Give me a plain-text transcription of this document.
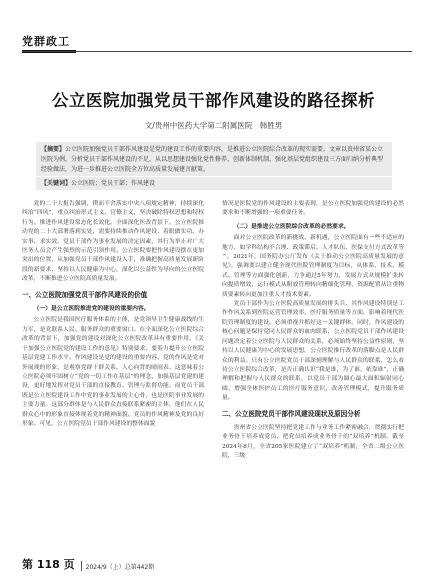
党群政工
公立医院加强党员干部作风建设的路径探析
文/贵州中医药大学第二附属医院　韩胜男
【摘要】公立医院加强党员干部作风建设是党的建设工作的重要内容，是推进公立医院综合改革的现实需要。文章以贵州省某公立医院为例，分析党员干部作风建设的不足，从以思想建设强化党性修养、创新体制机制、强化基层党组织建设三方面归纳分析典型经验做法，为进一步推进公立医院全方位高质量发展建言献策。
【关键词】公立医院；党员干部；作风建设

党的二十大报告强调，锲而不舍落实中央八项规定精神，持续深化纠治“四风”，重点纠治形式主义、官僚主义，坚决破除特权思想和特权行为。推进作风建设常态化长效化。全面深化医改背景下，公立医院推动党的二十大部署落到实处，需要持续推动作风建设，着眼做实功、办实事、求实效。党员干部作为事业发展的决定因素，其行为举止对广大医务人员会产生强烈的示范引领作用。公立医院要把作风建设摆在更加突出的位置，从加强党员干部作风建设入手，准确把握高质量发展新阶段的新要求，坚持以人民健康为中心，深化以公益性为导向的公立医院改革，不断推进公立医院高质量发展。

一、公立医院加强党员干部作风建设的价值

（一）是公立医院推进党的建设的重要内容。

公立医院是我国医疗服务体系的主体，是党领导卫生健康战线的生力军，是党联系人民、服务群众的重要窗口。在全面深化公立医院综合改革的背景下，加强党的建设对深化公立医院改革具有重要作用。《关于加强公立医院党的建设工作的意见》特别要求，要着力提升公立医院基层党建工作水平。作风建设是党的建设的重要内容，党的作风是党对外展现的形象，是观察党群干群关系、人心向背的晴雨表。这意味着公立医院必须牢固树立“党的一切工作在基层”的理念，加强基层党建的建设，更好地发挥对党员干部的直接教育、管理与监督功能。而党员干部既是公立医院建设工作中党的事业发展的主心骨，也是医院事业发展的主要力量。这部分群体是与人民群众直接联系紧密的主体，他们在人民群众心中的形象直接体现着党的精神面貌、党员的作风精神及党的良好形象。可见，公立医院党员干部作风建设的整体面貌

情况是医院党的作风建设的主要表现，是公立医院加强党的建设的必然要求和不断增强的一项重要任务。

（二）是推进公立医院综合改革的必然要求。

面对公立医院改革的新挑战、新机遇，公立医院面有一些不适应的地方，如学科结构不合理、政策滞后、人才队伍、医保支付方式改革等^。2021年，国务院办公厅发布《关于推动公立医院高质量发展的意见》，强调要以建立健全现代医院管理制度为目标，从体系、技术、模式、管理等方面强化创新，力争通过5年努力，发展方式从规模扩张转向提质增效，运行模式从粗放管理转向精细化管理，资源配置从注重物质要素转向更加注重人才技术要素。

党员干部作为公立医院高质量发展的排头兵，其作风建设特别是工作作风关系到医院运营管理效率、医疗服务质量等方面，影响着现代医院管理制度的建设。必须重视并抓好这一关键群体。同时，作风建设的核心问题是保持党同人民群众的血肉联系，公立医院党员干部作风建设问题决定着公立医院与人民群众的关系，必须始终坚持公益性原则，坚持以人民健康为中心的发展思想。公立医院推行改革的落脚点是人民群众的利益。只有公立医院党员干部深刻理解与人民群众的联系，怎么看待公立医院综合改革，是否正确认识“我是谁，为了谁，依靠谁”，正确理解和把握与人民群众的联系，以党员干部为圆心最大面积辐射同心圆，增强全体医护员工的医疗服务意识，改善管理模式，提升服务质量。

二、公立医院党员干部作风建设现状及原因分析

贵州省公立医院坚持把党建工作与业务工作紧密融合，贯彻实行把业务骨干培养成党员、把党员培养成业务骨干的“双培养”机制。截至2024年8月，全省205家医院建立了“双培养”机制，全省二级公立医院，三级

第 118 页 2024/9（上）总第442期
